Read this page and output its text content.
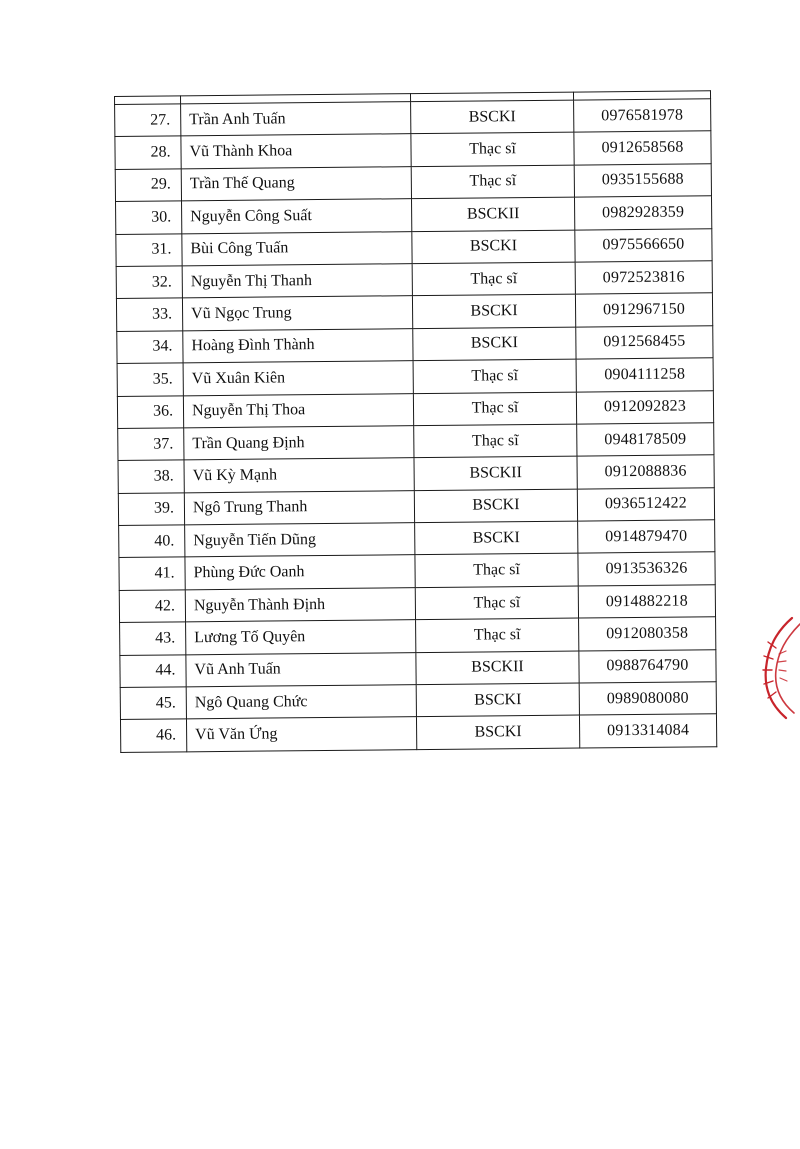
27.	Trần Anh Tuấn	BSCKI	0976581978
28.	Vũ Thành Khoa	Thạc sĩ	0912658568
29.	Trần Thế Quang	Thạc sĩ	0935155688
30.	Nguyễn Công Suất	BSCKII	0982928359
31.	Bùi Công Tuấn	BSCKI	0975566650
32.	Nguyễn Thị Thanh	Thạc sĩ	0972523816
33.	Vũ Ngọc Trung	BSCKI	0912967150
34.	Hoàng Đình Thành	BSCKI	0912568455
35.	Vũ Xuân Kiên	Thạc sĩ	0904111258
36.	Nguyễn Thị Thoa	Thạc sĩ	0912092823
37.	Trần Quang Định	Thạc sĩ	0948178509
38.	Vũ Kỳ Mạnh	BSCKII	0912088836
39.	Ngô Trung Thanh	BSCKI	0936512422
40.	Nguyễn Tiến Dũng	BSCKI	0914879470
41.	Phùng Đức Oanh	Thạc sĩ	0913536326
42.	Nguyễn Thành Định	Thạc sĩ	0914882218
43.	Lương Tố Quyên	Thạc sĩ	0912080358
44.	Vũ Anh Tuấn	BSCKII	0988764790
45.	Ngô Quang Chức	BSCKI	0989080080
46.	Vũ Văn Ứng	BSCKI	0913314084
